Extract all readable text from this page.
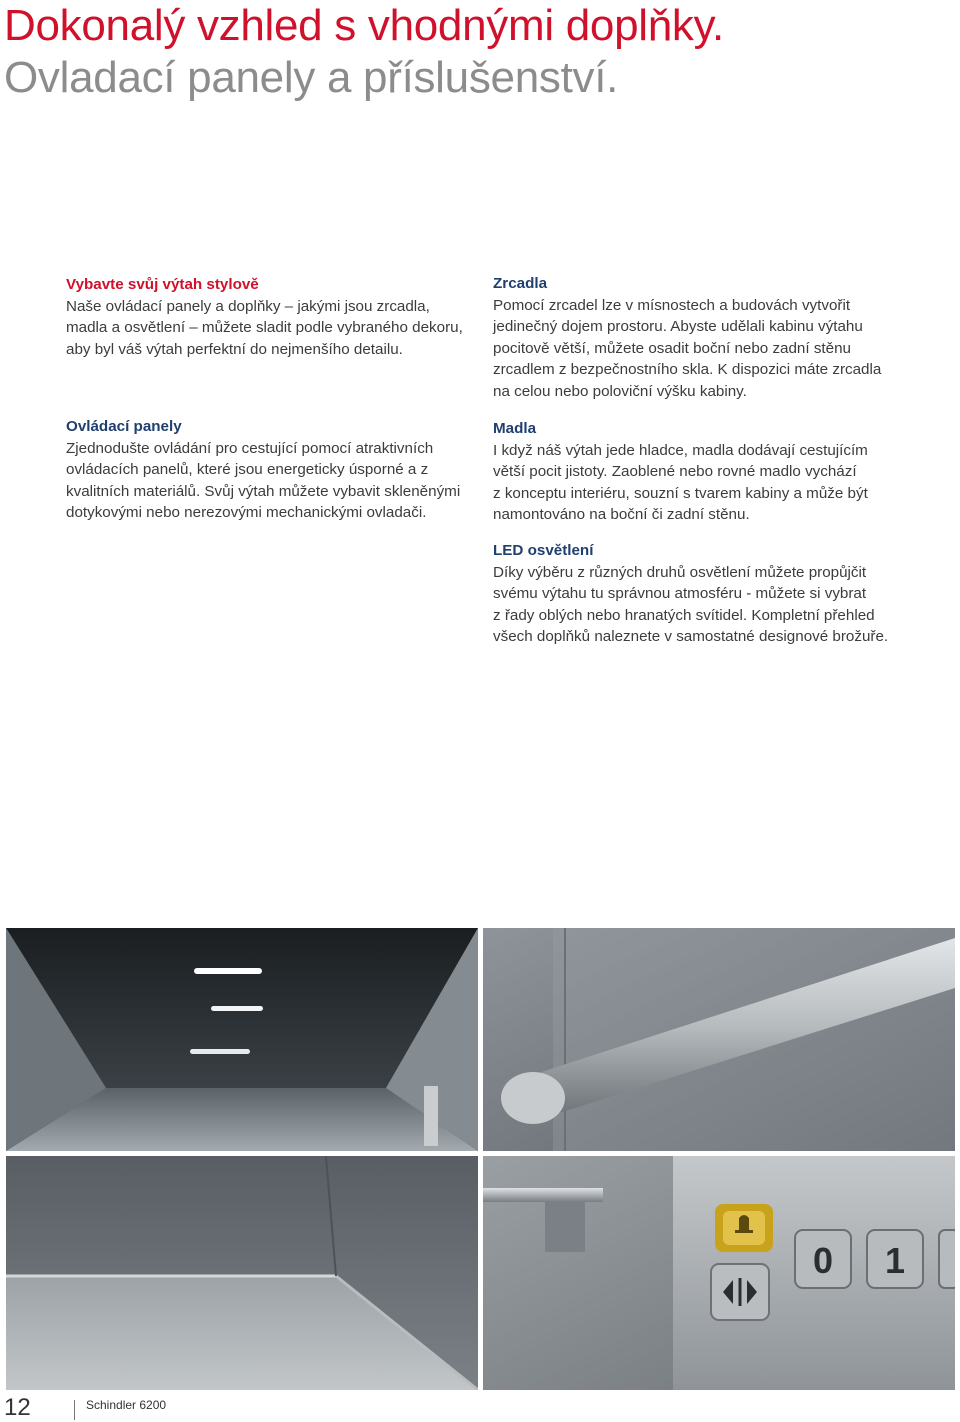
Dokonalý vzhled s vhodnými doplňky.
Ovladací panely a příslušenství.
Vybavte svůj výtah stylově

Naše ovládací panely a doplňky – jakými jsou zrcadla,
madla a osvětlení – můžete sladit podle vybraného dekoru,
aby byl váš výtah perfektní do nejmenšího detailu.

Ovládací panely

Zjednodušte ovládání pro cestující pomocí atraktivních
ovládacích panelů, které jsou energeticky úsporné a z
kvalitních materiálů. Svůj výtah můžete vybavit skleněnými
dotykovými nebo nerezovými mechanickými ovladači.

Zrcadla

Pomocí zrcadel lze v mísnostech a budovách vytvořit
jedinečný dojem prostoru. Abyste udělali kabinu výtahu
pocitově větší, můžete osadit boční nebo zadní stěnu
zrcadlem z bezpečnostního skla. K dispozici máte zrcadla
na celou nebo poloviční výšku kabiny.

Madla

I když náš výtah jede hladce, madla dodávají cestujícím
větší pocit jistoty. Zaoblené nebo rovné madlo vychází
z konceptu interiéru, souzní s tvarem kabiny a může být
namontováno na boční či zadní stěnu.

LED osvětlení

Díky výběru z různých druhů osvětlení můžete propůjčit
svému výtahu tu správnou atmosféru - můžete si vybrat
z řady oblých nebo hranatých svítidel. Kompletní přehled
všech doplňků naleznete v samostatné designové brožuře.

0 1
12	Schindler 6200
